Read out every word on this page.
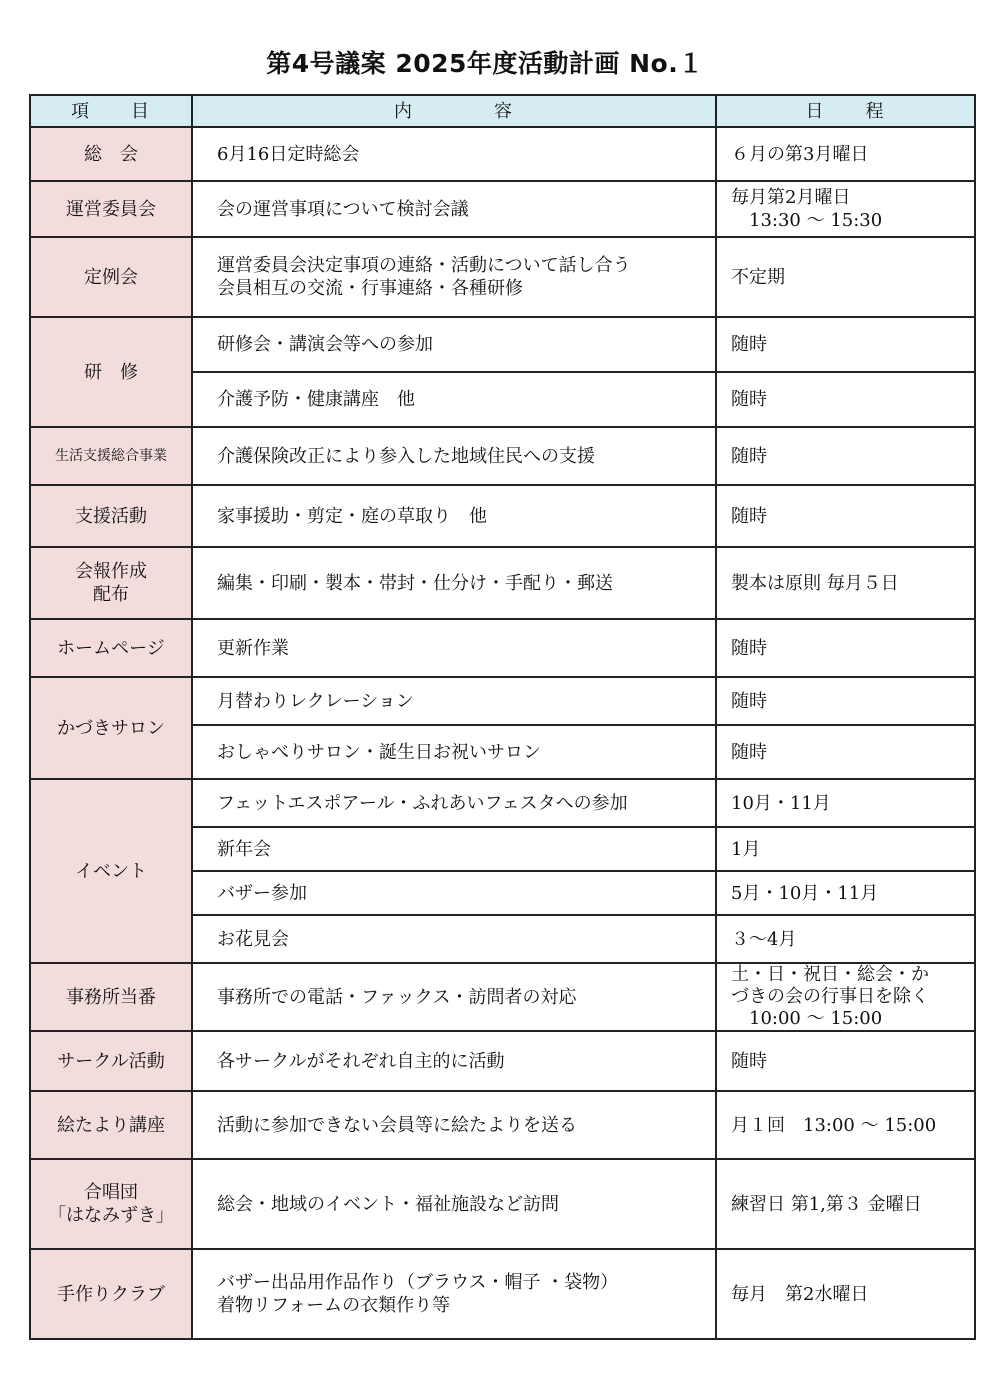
第4号議案 2025年度活動計画 No.１
項　　目	内　　　　容	日　　程
総　会	6月16日定時総会	６月の第3月曜日
運営委員会	会の運営事項について検討会議	毎月第2月曜日
　13:30 ～ 15:30
定例会	運営委員会決定事項の連絡・活動について話し合う
会員相互の交流・行事連絡・各種研修	不定期
研　修	研修会・講演会等への参加	随時
	介護予防・健康講座　他	随時
生活支援総合事業	介護保険改正により参入した地域住民への支援	随時
支援活動	家事援助・剪定・庭の草取り　他	随時
会報作成
配布	編集・印刷・製本・帯封・仕分け・手配り・郵送	製本は原則 毎月５日
ホームページ	更新作業	随時
かづきサロン	月替わりレクレーション	随時
	おしゃべりサロン・誕生日お祝いサロン	随時
イベント	フェットエスポアール・ふれあいフェスタへの参加	10月・11月
	新年会	1月
	バザー参加	5月・10月・11月
	お花見会	３～4月
事務所当番	事務所での電話・ファックス・訪問者の対応	土・日・祝日・総会・か
づきの会の行事日を除く
　10:00 ～ 15:00
サークル活動	各サークルがそれぞれ自主的に活動	随時
絵たより講座	活動に参加できない会員等に絵たよりを送る	月１回　13:00 ～ 15:00
合唱団
「はなみずき」	総会・地域のイベント・福祉施設など訪問	練習日 第1,第３ 金曜日
手作りクラブ	バザー出品用作品作り（ブラウス・帽子 ・袋物）
着物リフォームの衣類作り等	毎月　第2水曜日
